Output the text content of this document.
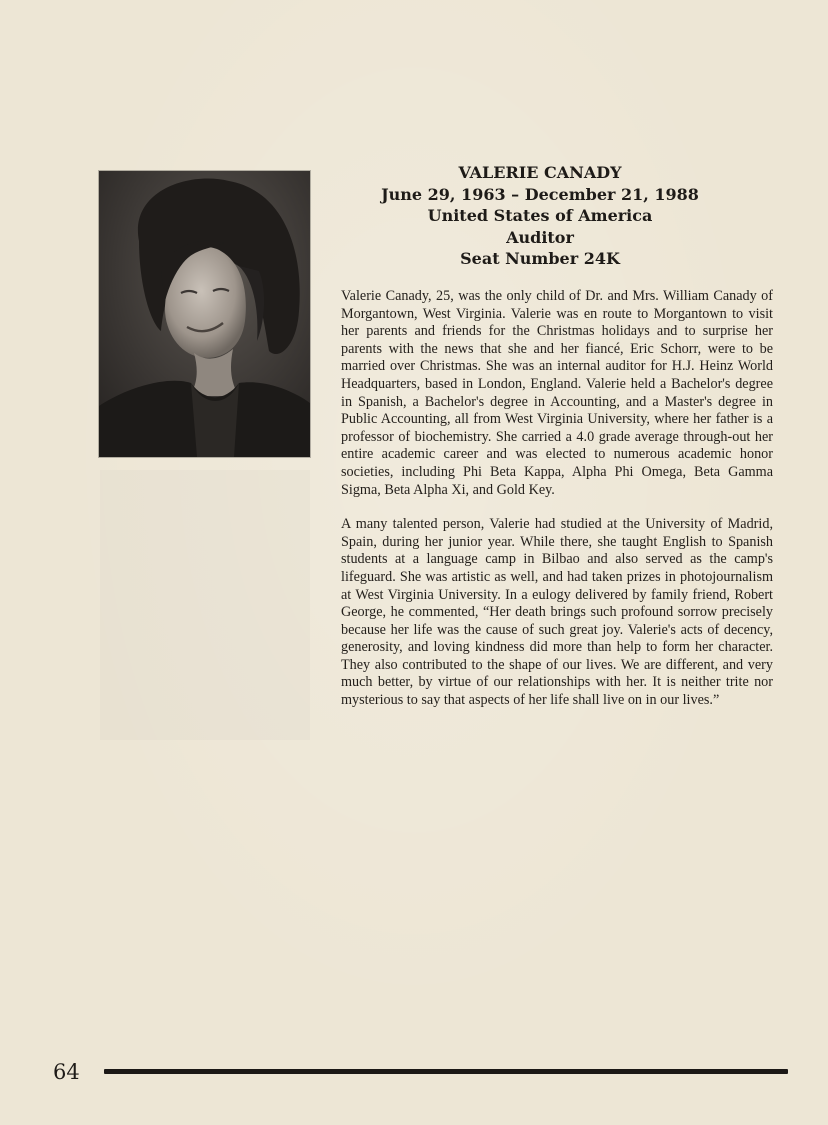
VALERIE CANADY
June 29, 1963 – December 21, 1988
United States of America
Auditor
Seat Number 24K

Valerie Canady, 25, was the only child of Dr. and Mrs. William Canady of Morgantown, West Virginia. Valerie was en route to Morgantown to visit her parents and friends for the Christmas holidays and to surprise her parents with the news that she and her fiancé, Eric Schorr, were to be married over Christmas. She was an internal auditor for H.J. Heinz World Headquarters, based in London, England. Valerie held a Bachelor's degree in Spanish, a Bachelor's degree in Accounting, and a Master's degree in Public Accounting, all from West Virginia University, where her father is a professor of biochemistry. She carried a 4.0 grade average through-out her entire academic career and was elected to numerous academic honor societies, including Phi Beta Kappa, Alpha Phi Omega, Beta Gamma Sigma, Beta Alpha Xi, and Gold Key.

A many talented person, Valerie had studied at the University of Madrid, Spain, during her junior year. While there, she taught English to Spanish students at a language camp in Bilbao and also served as the camp's lifeguard. She was artistic as well, and had taken prizes in photojournalism at West Virginia University. In a eulogy delivered by family friend, Robert George, he commented, “Her death brings such profound sorrow precisely because her life was the cause of such great joy. Valerie's acts of decency, generosity, and loving kindness did more than help to form her character. They also contributed to the shape of our lives. We are different, and very much better, by virtue of our relationships with her. It is neither trite nor mysterious to say that aspects of her life shall live on in our lives.”

64
